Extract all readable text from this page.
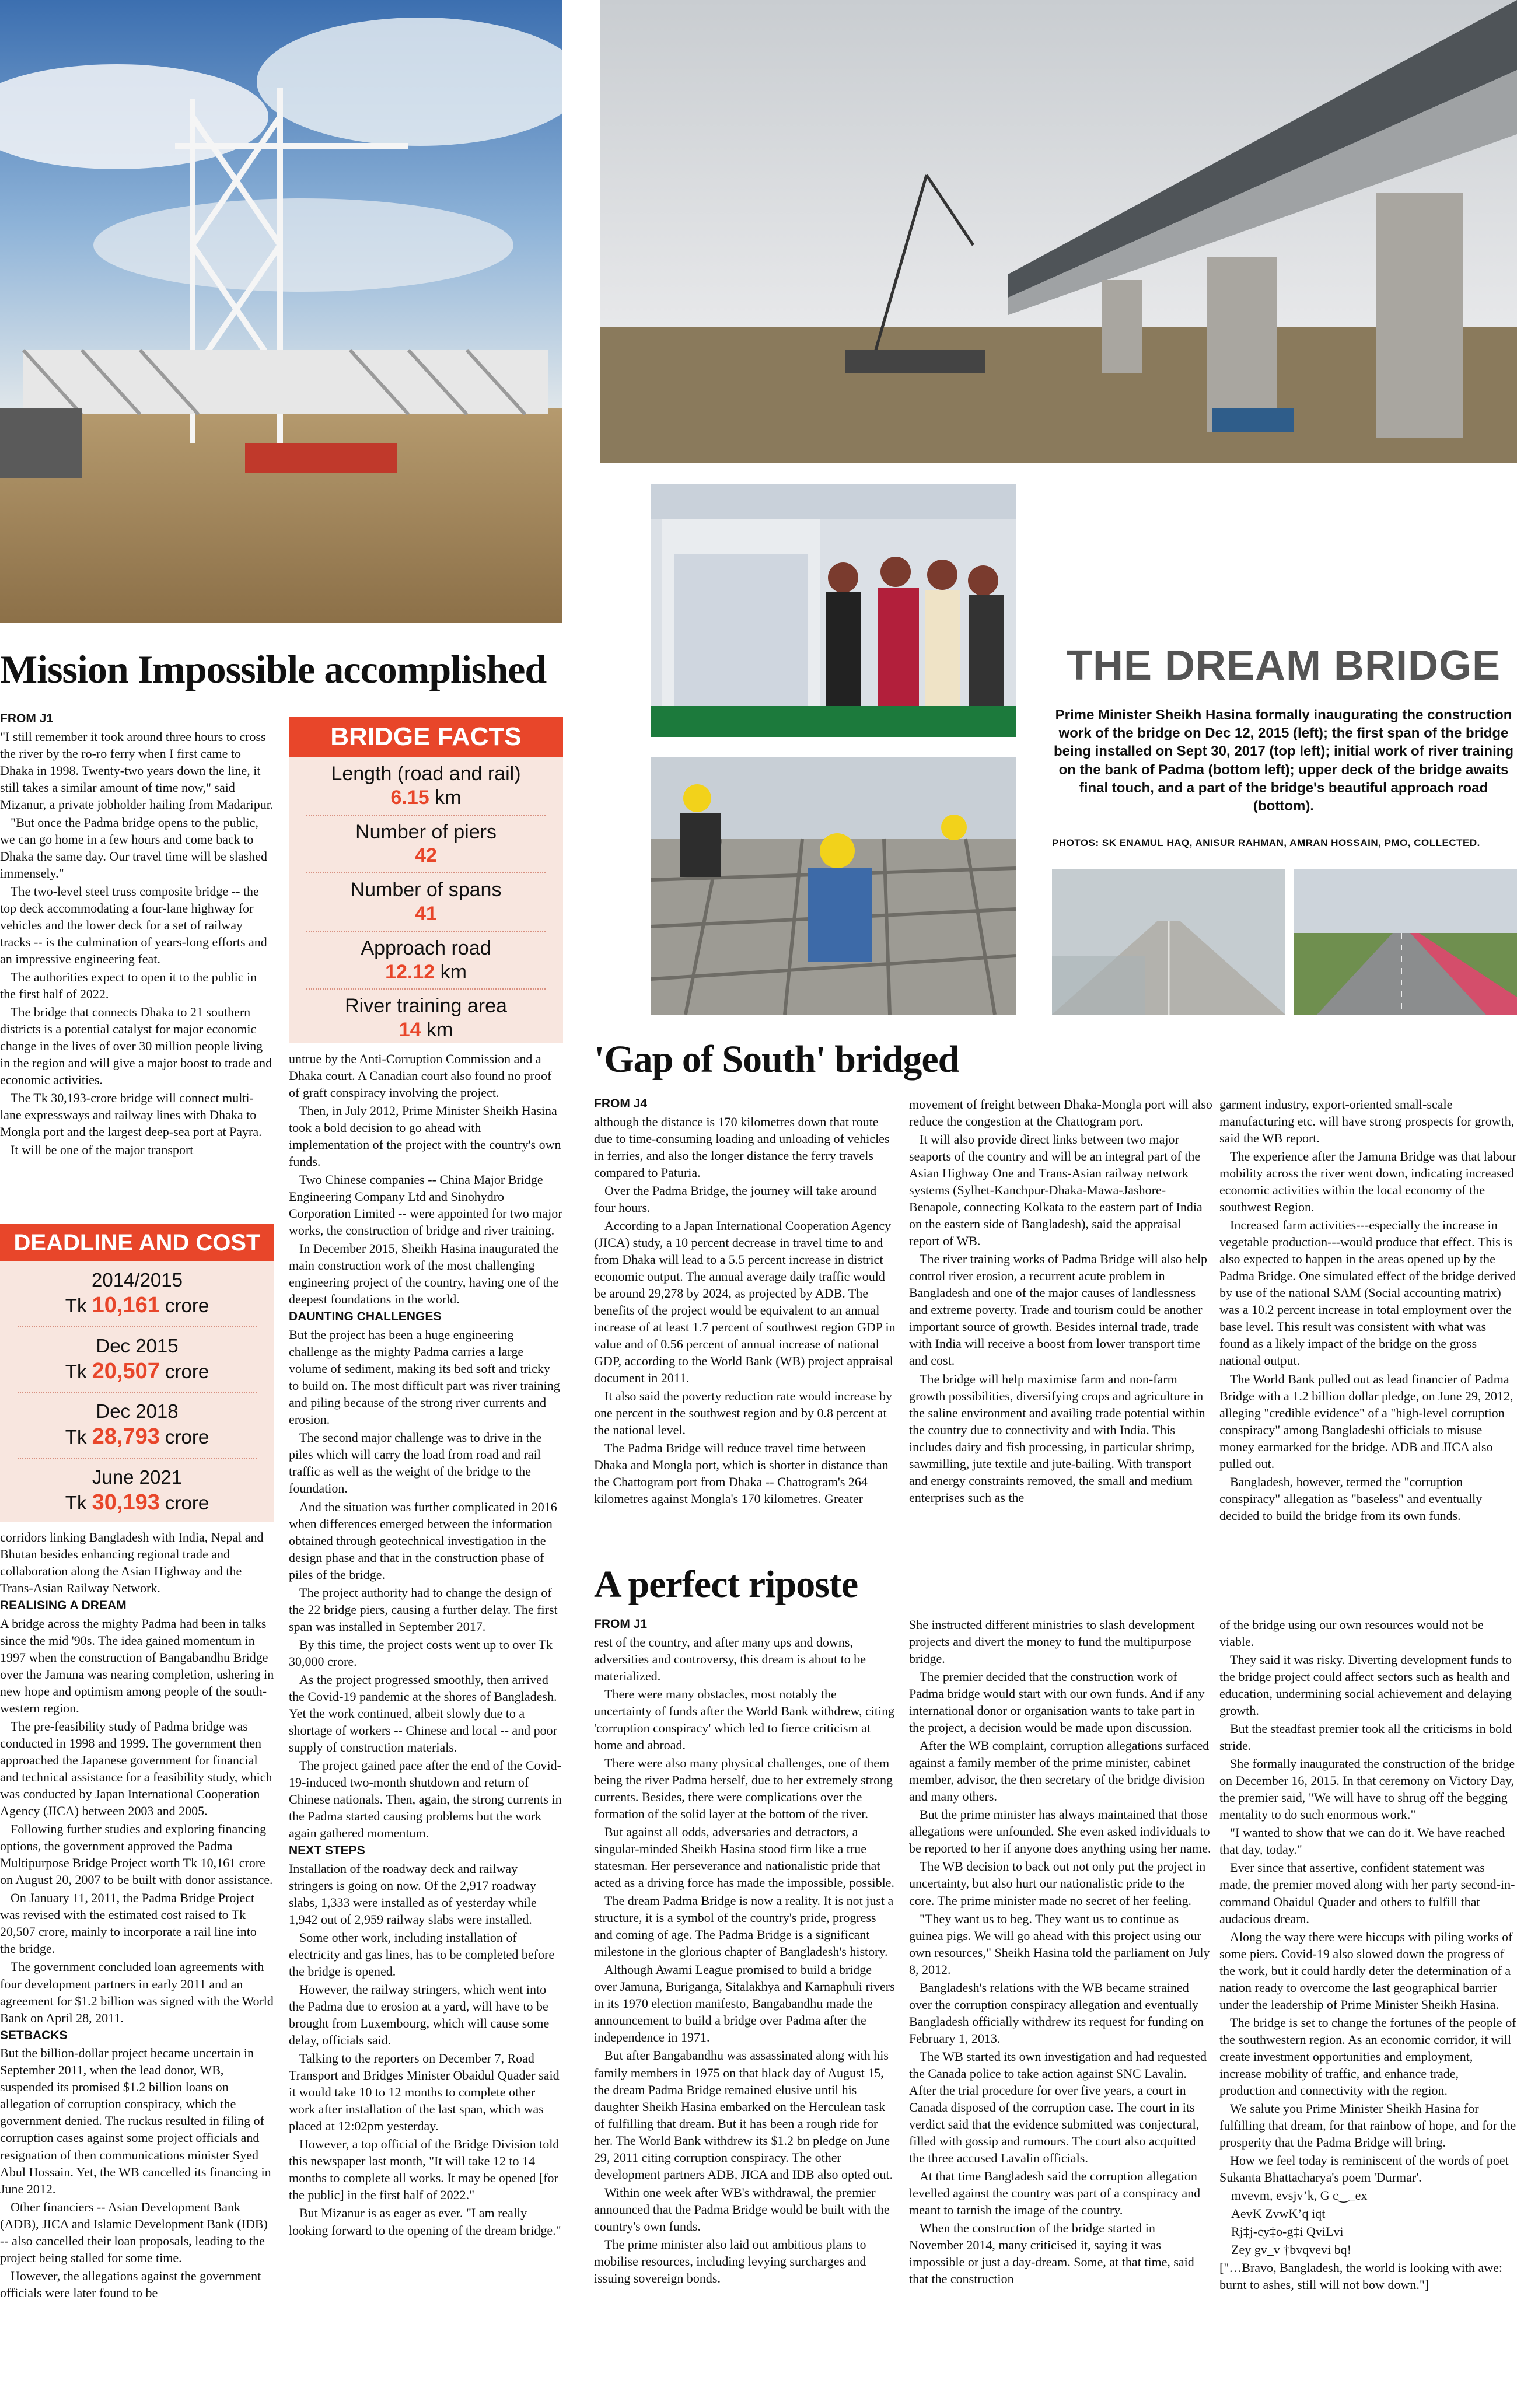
Mission Impossible accomplished

FROM J1

"I still remember it took around three hours to cross the river by the ro-ro ferry when I first came to Dhaka in 1998. Twenty-two years down the line, it still takes a similar amount of time now," said Mizanur, a private jobholder hailing from Madaripur.

"But once the Padma bridge opens to the public, we can go home in a few hours and come back to Dhaka the same day. Our travel time will be slashed immensely."

The two-level steel truss composite bridge -- the top deck accommodating a four-lane highway for vehicles and the lower deck for a set of railway tracks -- is the culmination of years-long efforts and an impressive engineering feat.

The authorities expect to open it to the public in the first half of 2022.

The bridge that connects Dhaka to 21 southern districts is a potential catalyst for major economic change in the lives of over 30 million people living in the region and will give a major boost to trade and economic activities.

The Tk 30,193-crore bridge will connect multi-lane expressways and railway lines with Dhaka to Mongla port and the largest deep-sea port at Payra.

It will be one of the major transport

BRIDGE FACTS
Length (road and rail)
6.15 km
Number of piers
42
Number of spans
41
Approach road
12.12 km
River training area
14 km
DEADLINE AND COST
2014/2015
Tk 10,161 crore
Dec 2015
Tk 20,507 crore
Dec 2018
Tk 28,793 crore
June 2021
Tk 30,193 crore

corridors linking Bangladesh with India, Nepal and Bhutan besides enhancing regional trade and collaboration along the Asian Highway and the Trans-Asian Railway Network.

REALISING A DREAM

A bridge across the mighty Padma had been in talks since the mid '90s. The idea gained momentum in 1997 when the construction of Bangabandhu Bridge over the Jamuna was nearing completion, ushering in new hope and optimism among people of the south-western region.

The pre-feasibility study of Padma bridge was conducted in 1998 and 1999. The government then approached the Japanese government for financial and technical assistance for a feasibility study, which was conducted by Japan International Cooperation Agency (JICA) between 2003 and 2005.

Following further studies and exploring financing options, the government approved the Padma Multipurpose Bridge Project worth Tk 10,161 crore on August 20, 2007 to be built with donor assistance.

On January 11, 2011, the Padma Bridge Project was revised with the estimated cost raised to Tk 20,507 crore, mainly to incorporate a rail line into the bridge.

The government concluded loan agreements with four development partners in early 2011 and an agreement for $1.2 billion was signed with the World Bank on April 28, 2011.

SETBACKS

But the billion-dollar project became uncertain in September 2011, when the lead donor, WB, suspended its promised $1.2 billion loans on allegation of corruption conspiracy, which the government denied. The ruckus resulted in filing of corruption cases against some project officials and resignation of then communications minister Syed Abul Hossain. Yet, the WB cancelled its financing in June 2012.

Other financiers -- Asian Development Bank (ADB), JICA and Islamic Development Bank (IDB) -- also cancelled their loan proposals, leading to the project being stalled for some time.

However, the allegations against the government officials were later found to be

untrue by the Anti-Corruption Commission and a Dhaka court. A Canadian court also found no proof of graft conspiracy involving the project.

Then, in July 2012, Prime Minister Sheikh Hasina took a bold decision to go ahead with implementation of the project with the country's own funds.

Two Chinese companies -- China Major Bridge Engineering Company Ltd and Sinohydro Corporation Limited -- were appointed for two major works, the construction of bridge and river training.

In December 2015, Sheikh Hasina inaugurated the main construction work of the most challenging engineering project of the country, having one of the deepest foundations in the world.

DAUNTING CHALLENGES

But the project has been a huge engineering challenge as the mighty Padma carries a large volume of sediment, making its bed soft and tricky to build on. The most difficult part was river training and piling because of the strong river currents and erosion.

The second major challenge was to drive in the piles which will carry the load from road and rail traffic as well as the weight of the bridge to the foundation.

And the situation was further complicated in 2016 when differences emerged between the information obtained through geotechnical investigation in the design phase and that in the construction phase of piles of the bridge.

The project authority had to change the design of the 22 bridge piers, causing a further delay. The first span was installed in September 2017.

By this time, the project costs went up to over Tk 30,000 crore.

As the project progressed smoothly, then arrived the Covid-19 pandemic at the shores of Bangladesh. Yet the work continued, albeit slowly due to a shortage of workers -- Chinese and local -- and poor supply of construction materials.

The project gained pace after the end of the Covid-19-induced two-month shutdown and return of Chinese nationals. Then, again, the strong currents in the Padma started causing problems but the work again gathered momentum.

NEXT STEPS

Installation of the roadway deck and railway stringers is going on now. Of the 2,917 roadway slabs, 1,333 were installed as of yesterday while 1,942 out of 2,959 railway slabs were installed.

Some other work, including installation of electricity and gas lines, has to be completed before the bridge is opened.

However, the railway stringers, which went into the Padma due to erosion at a yard, will have to be brought from Luxembourg, which will cause some delay, officials said.

Talking to the reporters on December 7, Road Transport and Bridges Minister Obaidul Quader said it would take 10 to 12 months to complete other work after installation of the last span, which was placed at 12:02pm yesterday.

However, a top official of the Bridge Division told this newspaper last month, "It will take 12 to 14 months to complete all works. It may be opened [for the public] in the first half of 2022."

But Mizanur is as eager as ever. "I am really looking forward to the opening of the dream bridge."

THE DREAM BRIDGE
Prime Minister Sheikh Hasina formally inaugurating the construction work of the bridge on Dec 12, 2015 (left); the first span of the bridge being installed on Sept 30, 2017 (top left); initial work of river training on the bank of Padma (bottom left); upper deck of the bridge awaits final touch, and a part of the bridge's beautiful approach road (bottom).
PHOTOS: SK ENAMUL HAQ, ANISUR RAHMAN, AMRAN HOSSAIN, PMO, COLLECTED.
'Gap of South' bridged

FROM J4

although the distance is 170 kilometres down that route due to time-consuming loading and unloading of vehicles in ferries, and also the longer distance the ferry travels compared to Paturia.

Over the Padma Bridge, the journey will take around four hours.

According to a Japan International Cooperation Agency (JICA) study, a 10 percent decrease in travel time to and from Dhaka will lead to a 5.5 percent increase in district economic output. The annual average daily traffic would be around 29,278 by 2024, as projected by ADB. The benefits of the project would be equivalent to an annual increase of at least 1.7 percent of southwest region GDP in value and of 0.56 percent of annual increase of national GDP, according to the World Bank (WB) project appraisal document in 2011.

It also said the poverty reduction rate would increase by one percent in the southwest region and by 0.8 percent at the national level.

The Padma Bridge will reduce travel time between Dhaka and Mongla port, which is shorter in distance than the Chattogram port from Dhaka -- Chattogram's 264 kilometres against Mongla's 170 kilometres. Greater

movement of freight between Dhaka-Mongla port will also reduce the congestion at the Chattogram port.

It will also provide direct links between two major seaports of the country and will be an integral part of the Asian Highway One and Trans-Asian railway network systems (Sylhet-Kanchpur-Dhaka-Mawa-Jashore-Benapole, connecting Kolkata to the eastern part of India on the eastern side of Bangladesh), said the appraisal report of WB.

The river training works of Padma Bridge will also help control river erosion, a recurrent acute problem in Bangladesh and one of the major causes of landlessness and extreme poverty. Trade and tourism could be another important source of growth. Besides internal trade, trade with India will receive a boost from lower transport time and cost.

The bridge will help maximise farm and non-farm growth possibilities, diversifying crops and agriculture in the saline environment and availing trade potential within the country due to connectivity and with India. This includes dairy and fish processing, in particular shrimp, sawmilling, jute textile and jute-bailing. With transport and energy constraints removed, the small and medium enterprises such as the

garment industry, export-oriented small-scale manufacturing etc. will have strong prospects for growth, said the WB report.

The experience after the Jamuna Bridge was that labour mobility across the river went down, indicating increased economic activities within the local economy of the southwest Region.

Increased farm activities---especially the increase in vegetable production---would produce that effect. This is also expected to happen in the areas opened up by the Padma Bridge. One simulated effect of the bridge derived by use of the national SAM (Social accounting matrix) was a 10.2 percent increase in total employment over the base level. This result was consistent with what was found as a likely impact of the bridge on the gross national output.

The World Bank pulled out as lead financier of Padma Bridge with a 1.2 billion dollar pledge, on June 29, 2012, alleging "credible evidence" of a "high-level corruption conspiracy" among Bangladeshi officials to misuse money earmarked for the bridge. ADB and JICA also pulled out.

Bangladesh, however, termed the "corruption conspiracy" allegation as "baseless" and eventually decided to build the bridge from its own funds.

A perfect riposte

FROM J1

rest of the country, and after many ups and downs, adversities and controversy, this dream is about to be materialized.

There were many obstacles, most notably the uncertainty of funds after the World Bank withdrew, citing 'corruption conspiracy' which led to fierce criticism at home and abroad.

There were also many physical challenges, one of them being the river Padma herself, due to her extremely strong currents. Besides, there were complications over the formation of the solid layer at the bottom of the river.

But against all odds, adversaries and detractors, a singular-minded Sheikh Hasina stood firm like a true statesman. Her perseverance and nationalistic pride that acted as a driving force has made the impossible, possible.

The dream Padma Bridge is now a reality. It is not just a structure, it is a symbol of the country's pride, progress and coming of age. The Padma Bridge is a significant milestone in the glorious chapter of Bangladesh's history.

Although Awami League promised to build a bridge over Jamuna, Buriganga, Sitalakhya and Karnaphuli rivers in its 1970 election manifesto, Bangabandhu made the announcement to build a bridge over Padma after the independence in 1971.

But after Bangabandhu was assassinated along with his family members in 1975 on that black day of August 15, the dream Padma Bridge remained elusive until his daughter Sheikh Hasina embarked on the Herculean task of fulfilling that dream. But it has been a rough ride for her. The World Bank withdrew its $1.2 bn pledge on June 29, 2011 citing corruption conspiracy. The other development partners ADB, JICA and IDB also opted out.

Within one week after WB's withdrawal, the premier announced that the Padma Bridge would be built with the country's own funds.

The prime minister also laid out ambitious plans to mobilise resources, including levying surcharges and issuing sovereign bonds.

She instructed different ministries to slash development projects and divert the money to fund the multipurpose bridge.

The premier decided that the construction work of Padma bridge would start with our own funds. And if any international donor or organisation wants to take part in the project, a decision would be made upon discussion.

After the WB complaint, corruption allegations surfaced against a family member of the prime minister, cabinet member, advisor, the then secretary of the bridge division and many others.

But the prime minister has always maintained that those allegations were unfounded. She even asked individuals to be reported to her if anyone does anything using her name.

The WB decision to back out not only put the project in uncertainty, but also hurt our nationalistic pride to the core. The prime minister made no secret of her feeling.

"They want us to beg. They want us to continue as guinea pigs. We will go ahead with this project using our own resources," Sheikh Hasina told the parliament on July 8, 2012.

Bangladesh's relations with the WB became strained over the corruption conspiracy allegation and eventually Bangladesh officially withdrew its request for funding on February 1, 2013.

The WB started its own investigation and had requested the Canada police to take action against SNC Lavalin. After the trial procedure for over five years, a court in Canada disposed of the corruption case. The court in its verdict said that the evidence submitted was conjectural, filled with gossip and rumours. The court also acquitted the three accused Lavalin officials.

At that time Bangladesh said the corruption allegation levelled against the country was part of a conspiracy and meant to tarnish the image of the country.

When the construction of the bridge started in November 2014, many criticised it, saying it was impossible or just a day-dream. Some, at that time, said that the construction

of the bridge using our own resources would not be viable.

They said it was risky. Diverting development funds to the bridge project could affect sectors such as health and education, undermining social achievement and delaying growth.

But the steadfast premier took all the criticisms in bold stride.

She formally inaugurated the construction of the bridge on December 16, 2015. In that ceremony on Victory Day, the premier said, "We will have to shrug off the begging mentality to do such enormous work."

"I wanted to show that we can do it. We have reached that day, today."

Ever since that assertive, confident statement was made, the premier moved along with her party second-in-command Obaidul Quader and others to fulfill that audacious dream.

Along the way there were hiccups with piling works of some piers. Covid-19 also slowed down the progress of the work, but it could hardly deter the determination of a nation ready to overcome the last geographical barrier under the leadership of Prime Minister Sheikh Hasina.

The bridge is set to change the fortunes of the people of the southwestern region. As an economic corridor, it will create investment opportunities and employment, increase mobility of traffic, and enhance trade, production and connectivity with the region.

We salute you Prime Minister Sheikh Hasina for fulfilling that dream, for that rainbow of hope, and for the prosperity that the Padma Bridge will bring.

How we feel today is reminiscent of the words of poet Sukanta Bhattacharya's poem 'Durmar'.

mvevm, evsjv’k, G c‿_ex

AevK ZvwK’q iqt

Rj‡j-cy‡o-g‡i QviLvi

Zey gv_v †bvqvevi bq!

["…Bravo, Bangladesh, the world is looking with awe: burnt to ashes, still will not bow down."]
